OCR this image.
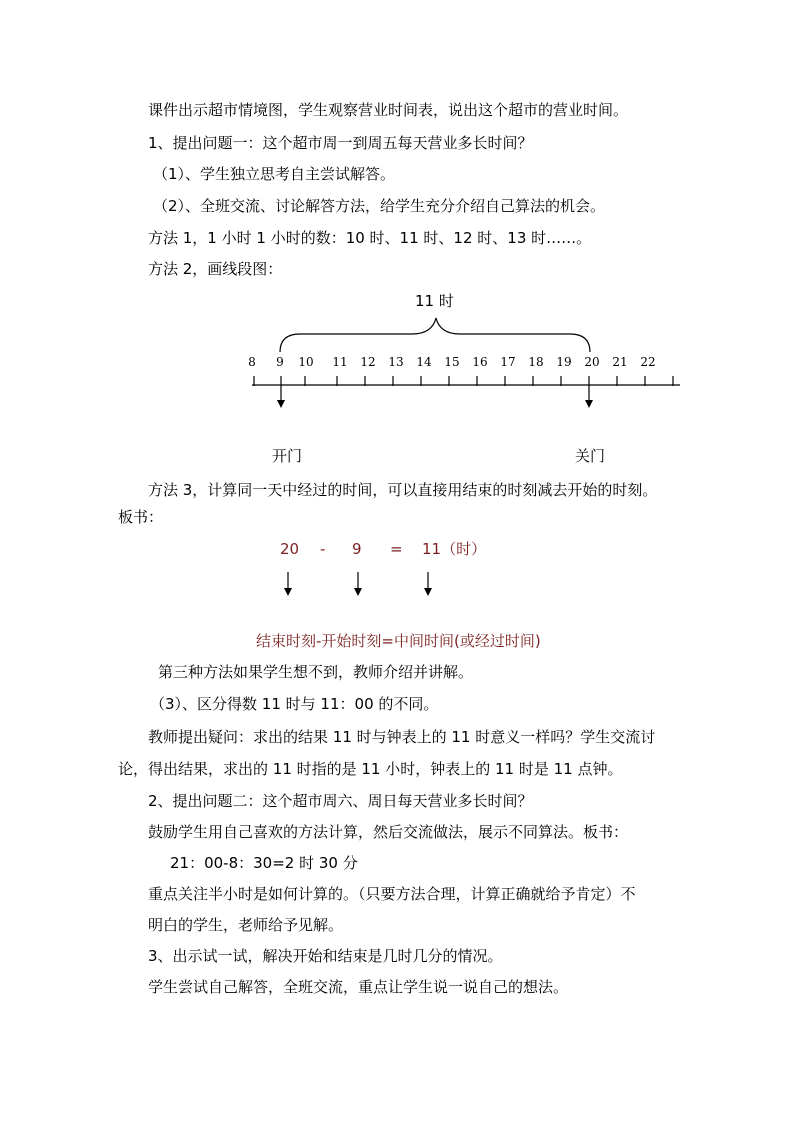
课件出示超市情境图，学生观察营业时间表，说出这个超市的营业时间。
1、提出问题一：这个超市周一到周五每天营业多长时间？
（1）、学生独立思考自主尝试解答。
（2）、全班交流、讨论解答方法，给学生充分介绍自己算法的机会。
方法 1，1 小时 1 小时的数：10 时、11 时、12 时、13 时……。
方法 2，画线段图：
8 9 10 11 12 13 14 15 16 17 18 19 20 21 22
11 时
开门	关门
方法 3，计算同一天中经过的时间，可以直接用结束的时刻减去开始的时刻。
板书：
20 - 9 = 11（时）
结束时刻-开始时刻=中间时间(或经过时间)
第三种方法如果学生想不到，教师介绍并讲解。
（3）、区分得数 11 时与 11：00 的不同。
教师提出疑问：求出的结果 11 时与钟表上的 11 时意义一样吗？学生交流讨
论，得出结果，求出的 11 时指的是 11 小时，钟表上的 11 时是 11 点钟。
2、提出问题二：这个超市周六、周日每天营业多长时间？
鼓励学生用自己喜欢的方法计算，然后交流做法，展示不同算法。板书：
21：00-8：30=2 时 30 分
重点关注半小时是如何计算的。（只要方法合理，计算正确就给予肯定）不
明白的学生，老师给予见解。
3、出示试一试，解决开始和结束是几时几分的情况。
学生尝试自己解答，全班交流，重点让学生说一说自己的想法。
